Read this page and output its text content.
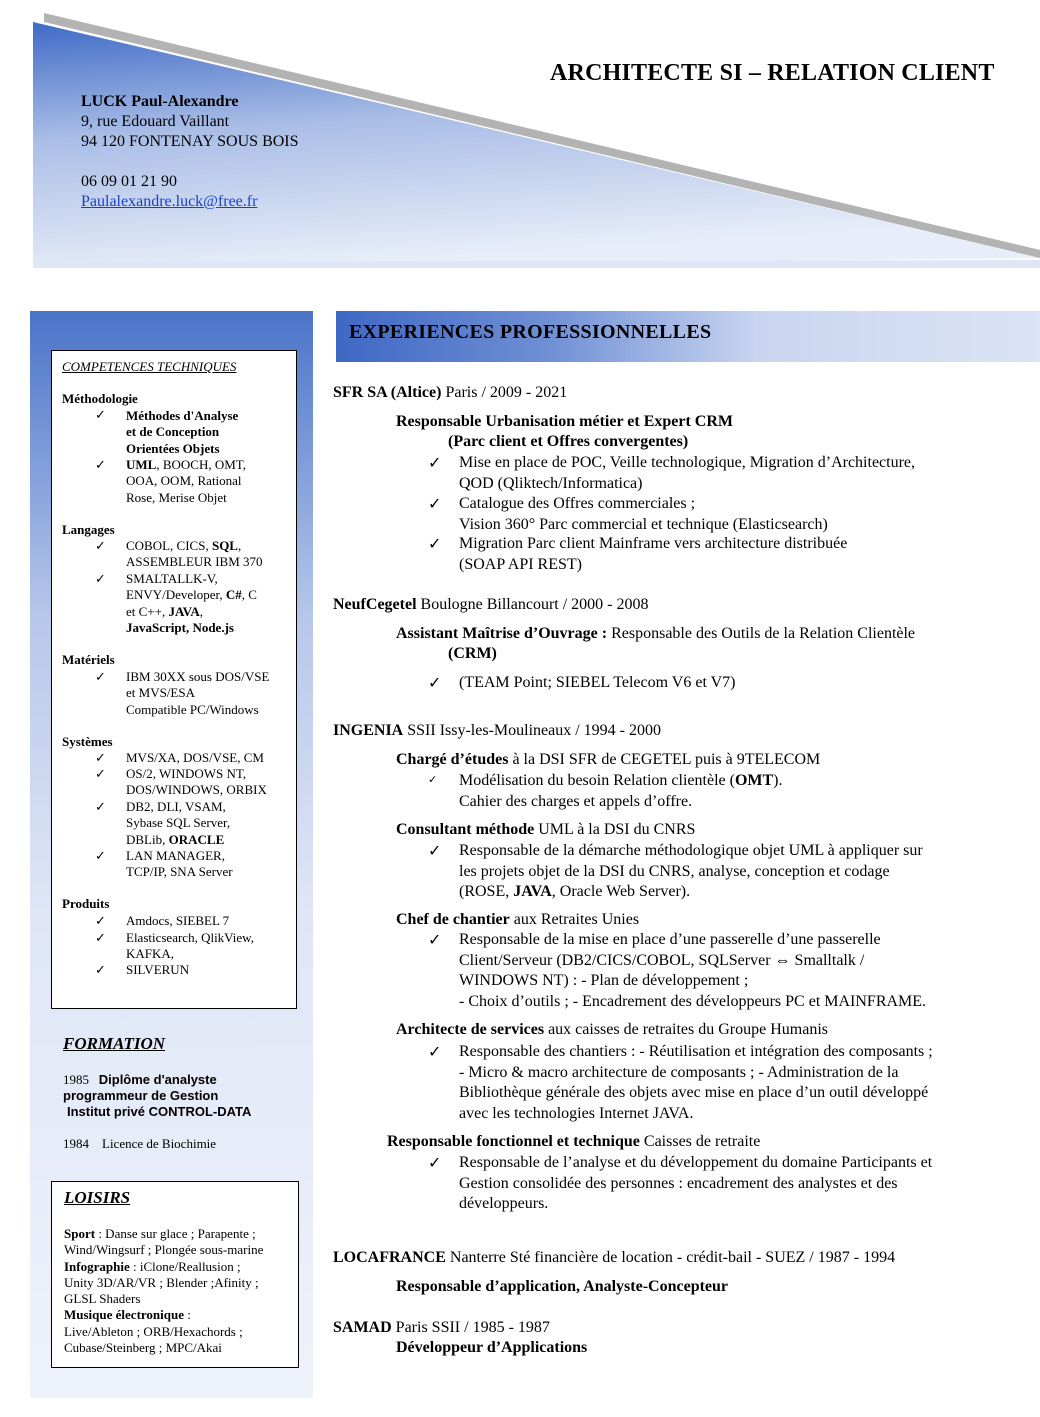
ARCHITECTE SI – RELATION CLIENT
LUCK Paul-Alexandre
9, rue Edouard Vaillant
94 120 FONTENAY SOUS BOIS
06 09 01 21 90
Paulalexandre.luck@free.fr
COMPETENCES TECHNIQUES
Méthodologie
✓ Méthodes d'Analyse
et de Conception
Orientées Objets
✓ UML, BOOCH, OMT,
OOA, OOM, Rational
Rose, Merise Objet
Langages
✓ COBOL, CICS, SQL,
ASSEMBLEUR IBM 370
✓ SMALTALLK-V,
ENVY/Developer, C#, C
et C++, JAVA,
JavaScript, Node.js
Matériels
✓ IBM 30XX sous DOS/VSE
et MVS/ESA
Compatible PC/Windows
Systèmes
✓ MVS/XA, DOS/VSE, CM
✓ OS/2, WINDOWS NT,
DOS/WINDOWS, ORBIX
✓ DB2, DLI, VSAM,
Sybase SQL Server,
DBLib, ORACLE
✓ LAN MANAGER,
TCP/IP, SNA Server
Produits
✓ Amdocs, SIEBEL 7
✓ Elasticsearch, QlikView,
KAFKA,
✓ SILVERUN
FORMATION
1985 Diplôme d'analyste
programmeur de Gestion
Institut privé CONTROL-DATA
1984 Licence de Biochimie
LOISIRS
Sport : Danse sur glace ; Parapente ;
Wind/Wingsurf ; Plongée sous-marine
Infographie : iClone/Reallusion ;
Unity 3D/AR/VR ; Blender ;Afinity ;
GLSL Shaders
Musique électronique :
Live/Ableton ; ORB/Hexachords ;
Cubase/Steinberg ; MPC/Akai
EXPERIENCES PROFESSIONNELLES
SFR SA (Altice) Paris / 2009 - 2021
Responsable Urbanisation métier et Expert CRM
(Parc client et Offres convergentes)
✓ Mise en place de POC, Veille technologique, Migration d’Architecture,
QOD (Qliktech/Informatica)
✓ Catalogue des Offres commerciales ;
Vision 360° Parc commercial et technique (Elasticsearch)
✓ Migration Parc client Mainframe vers architecture distribuée
(SOAP API REST)
NeufCegetel Boulogne Billancourt / 2000 - 2008
Assistant Maîtrise d’Ouvrage : Responsable des Outils de la Relation Clientèle
(CRM)
✓ (TEAM Point; SIEBEL Telecom V6 et V7)
INGENIA SSII Issy-les-Moulineaux / 1994 - 2000
Chargé d’études à la DSI SFR de CEGETEL puis à 9TELECOM
✓ Modélisation du besoin Relation clientèle (OMT).
Cahier des charges et appels d’offre.
Consultant méthode UML à la DSI du CNRS
✓ Responsable de la démarche méthodologique objet UML à appliquer sur
les projets objet de la DSI du CNRS, analyse, conception et codage
(ROSE, JAVA, Oracle Web Server).
Chef de chantier aux Retraites Unies
✓ Responsable de la mise en place d’une passerelle d’une passerelle
Client/Serveur (DB2/CICS/COBOL, SQLServer ⇔ Smalltalk /
WINDOWS NT) : - Plan de développement ;
- Choix d’outils ; - Encadrement des développeurs PC et MAINFRAME.
Architecte de services aux caisses de retraites du Groupe Humanis
✓ Responsable des chantiers : - Réutilisation et intégration des composants ;
- Micro & macro architecture de composants ; - Administration de la
Bibliothèque générale des objets avec mise en place d’un outil développé
avec les technologies Internet JAVA.
Responsable fonctionnel et technique Caisses de retraite
✓ Responsable de l’analyse et du développement du domaine Participants et
Gestion consolidée des personnes : encadrement des analystes et des
développeurs.
LOCAFRANCE Nanterre Sté financière de location - crédit-bail - SUEZ / 1987 - 1994
Responsable d’application, Analyste-Concepteur
SAMAD Paris SSII / 1985 - 1987
Développeur d’Applications
